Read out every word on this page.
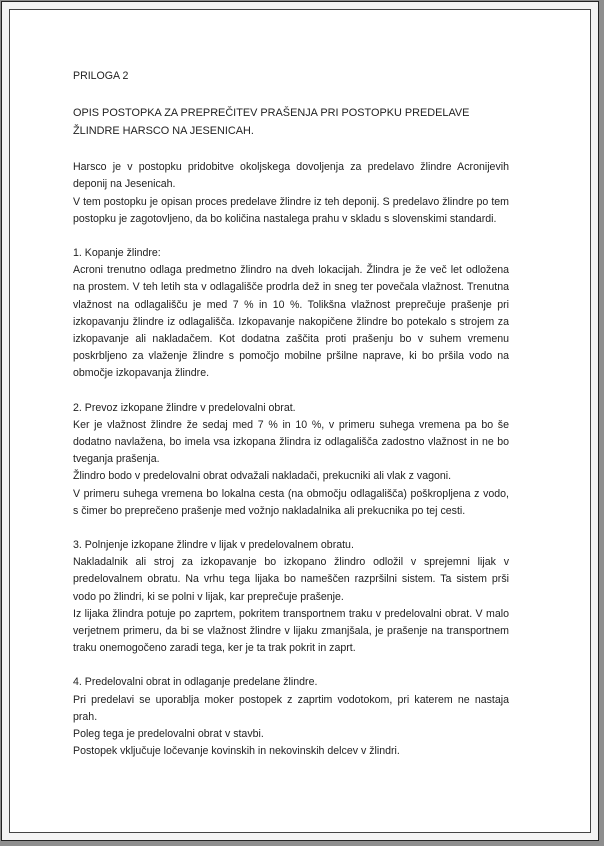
PRILOGA 2

OPIS POSTOPKA ZA PREPREČITEV PRAŠENJA PRI POSTOPKU PREDELAVE ŽLINDRE HARSCO NA JESENICAH.

Harsco je v postopku pridobitve okoljskega dovoljenja za predelavo žlindre Acronijevih deponij na Jesenicah.

V tem postopku je opisan proces predelave žlindre iz teh deponij. S predelavo žlindre po tem postopku je zagotovljeno, da bo količina nastalega prahu v skladu s slovenskimi standardi.

1. Kopanje žlindre:

Acroni trenutno odlaga predmetno žlindro na dveh lokacijah. Žlindra je že več let odložena na prostem. V teh letih sta v odlagališče prodrla dež in sneg ter povečala vlažnost. Trenutna vlažnost na odlagališču je med 7 % in 10 %. Tolikšna vlažnost preprečuje prašenje pri izkopavanju žlindre iz odlagališča. Izkopavanje nakopičene žlindre bo potekalo s strojem za izkopavanje ali nakladačem. Kot dodatna zaščita proti prašenju bo v suhem vremenu poskrbljeno za vlaženje žlindre s pomočjo mobilne pršilne naprave, ki bo pršila vodo na območje izkopavanja žlindre.

2. Prevoz izkopane žlindre v predelovalni obrat.

Ker je vlažnost žlindre že sedaj med 7 % in 10 %, v primeru suhega vremena pa bo še dodatno navlažena, bo imela vsa izkopana žlindra iz odlagališča zadostno vlažnost in ne bo tveganja prašenja.

Žlindro bodo v predelovalni obrat odvažali nakladači, prekucniki ali vlak z vagoni.

V primeru suhega vremena bo lokalna cesta (na območju odlagališča) poškropljena z vodo, s čimer bo preprečeno prašenje med vožnjo nakladalnika ali prekucnika po tej cesti.

3. Polnjenje izkopane žlindre v lijak v predelovalnem obratu.

Nakladalnik ali stroj za izkopavanje bo izkopano žlindro odložil v sprejemni lijak v predelovalnem obratu. Na vrhu tega lijaka bo nameščen razpršilni sistem. Ta sistem prši vodo po žlindri, ki se polni v lijak, kar preprečuje prašenje.

Iz lijaka žlindra potuje po zaprtem, pokritem transportnem traku v predelovalni obrat. V malo verjetnem primeru, da bi se vlažnost žlindre v lijaku zmanjšala, je prašenje na transportnem traku onemogočeno zaradi tega, ker je ta trak pokrit in zaprt.

4. Predelovalni obrat in odlaganje predelane žlindre.

Pri predelavi se uporablja moker postopek z zaprtim vodotokom, pri katerem ne nastaja prah.

Poleg tega je predelovalni obrat v stavbi.

Postopek vključuje ločevanje kovinskih in nekovinskih delcev v žlindri.
